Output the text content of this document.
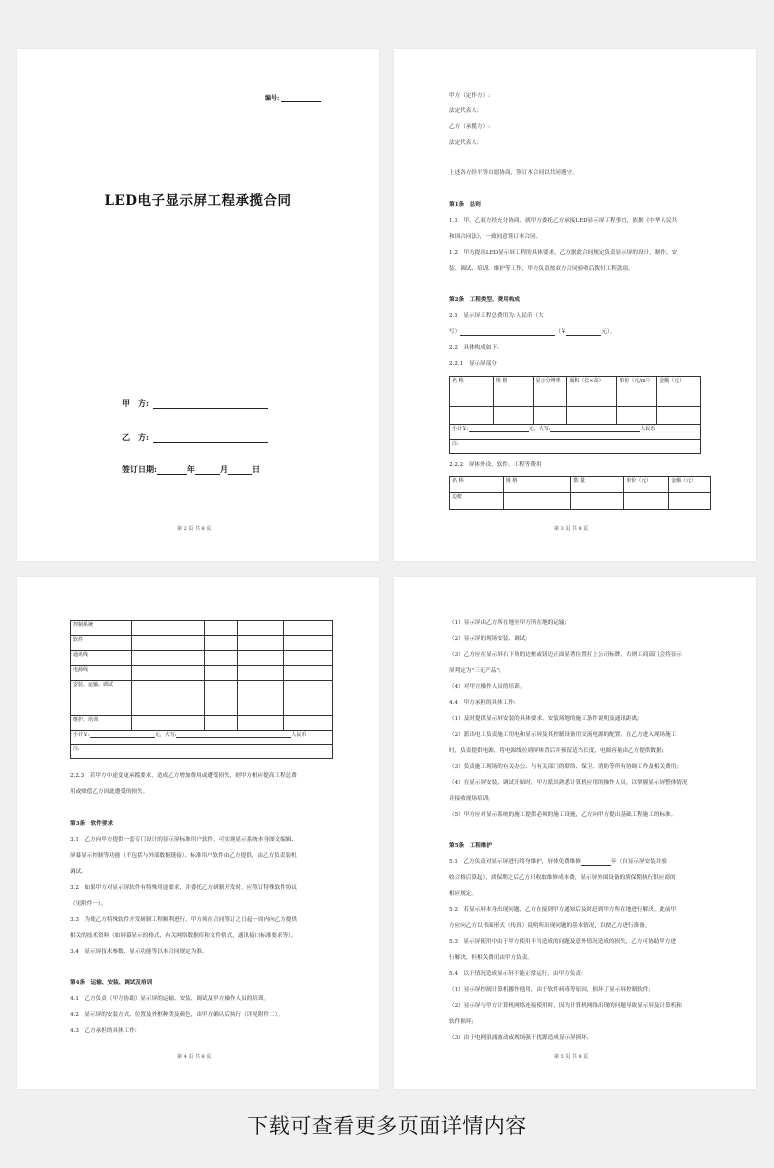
编号:
LED电子显示屏工程承揽合同
甲　方:
乙　方:
签订日期:	年	月	日
第 2 页 共 8 页
甲方（定作方）:
法定代表人:
乙方（承揽方）:
法定代表人:
上述各方经平等自愿协商，签订本合同以共同遵守。
第1条　总则
1.1　甲、乙双方经充分协商，就甲方委托乙方承接LED显示屏工程事宜，依据《中华人民共
和国合同法》，一致同意签订本合同。
1.2　甲方提出LED显示屏工程的具体要求，乙方据此合同规定负责显示屏的设计、制作、安
装、调试、培训、维护等工作，甲方负责按双方合同验收后拨付工程款项。
第2条　工程类型、费用构成
2.1　显示屏工程总费用为:人民币（大
写）	（￥	元）。
2.2　具体构成如下:
2.2.1　显示屏部分
名 称	规 格	显示分辨率	面积（长×高）	单价（元/m²）	金额（元）

小计￥: 元，大写: 人民币					
注:					
2.2.2　屏体外设、软件、工程等费用
名 称	规 格	数 量	单价（元）	金额（元）
边框				
第 3 页 共 8 页
控制系统				
软件				
通讯线				
电源线				
安装、运输、调试				
维护、培训				
小计￥: 元，大写: 人民币				
注:				
2.2.3　若甲方中途变更承揽要求，造成乙方增加费用或遭受损失，则甲方相应提高工程总费
用或赔偿乙方因此遭受的损失。
第3条　软件要求
3.1　乙方向甲方提供一套专门设计的显示屏标准用户软件，可实现显示系统本身图文编辑、
屏幕显示控制等功能（不包括与外部数据链接）。标准用户软件由乙方提供，由乙方负责装机
调试。
3.2　如果甲方对显示屏软件有特殊用途要求，并委托乙方研制开发时，应签订特殊软件协议
（见附件一）。
3.3　为使乙方特殊软件开发研制工程顺利进行，甲方须在合同签订之日起一周内向乙方提供
相关的技术资料（如屏幕显示的格式、有关网络数据库和文件格式，通讯接口标准要求等）。
3.4　显示屏技术参数、显示功能等以本合同规定为准。
第4条　运输、安装、调试及培训
4.1　乙方负责（甲方协助）显示屏的运输、安装、调试及甲方操作人员的培训。
4.2　显示屏的安装方式、位置及外框种类及颜色，由甲方确认后执行（详见附件二）。
4.3　乙方承担的具体工作:
第 4 页 共 8 页
（1）显示屏由乙方所在地至甲方所在地的运输;
（2）显示屏的现场安装、调试;
（3）乙方应在显示屏右下角的边框或钮边正面显著位置打上公司标牌，否则工商部门会将显示
屏判定为"三无产品";
（4）对甲方操作人员的培训。
4.4　甲方承担的具体工作:
（1）及时提供显示屏安装的具体要求、安装场地的施工条件说明及通讯距离;
（2）派出电工负责施工用电和显示屏及其控制设备用交流电源的配置，在乙方进入现场施工
时，负责提供电源，将电源线拉到屏体背后并预留适当长度，电源容量由乙方提供数据;
（3）负责施工现场的有关办公、与有关部门的联络、保卫、消防等所有协调工作及相关费用;
（4）在显示屏安装、调试开始时，甲方派出熟悉计算机应用的操作人员，以掌握显示屏整体情况
并接收现场培训;
（5）甲方应对显示系统的施工提供必须的施工设施，乙方向甲方提出基础工程施工的标准。
第5条　工程维护
5.1　乙方负责对显示屏进行终身维护，屏体免费维修	年（自显示屏安装并验
收合格后算起），质保期之后乙方只收取维修成本费，显示屏外围设备的质保期执行供应商的
相应规定。
5.2　若显示屏本身出现问题，乙方在接到甲方通知后及时赶到甲方所在地进行解决。此前甲
方应向乙方以书面形式（传真）说明所出现问题的基本情况，以便乙方进行准备。
5.3　显示屏使用中由于甲方使用不当造成的问题及意外情况造成的损失，乙方可协助甲方进
行解决，但相关费用由甲方负责。
5.4　以下情况造成显示屏不能正常运行，由甲方负责:
（1）显示屏控制计算机挪作他用，由于软件病毒等原因，损坏了显示屏控制软件;
（2）显示屏与甲方计算机网络连接使用时，因为计算机网络出现的问题导致显示屏及计算机和
软件损坏;
（3）由于电网浪涌波动或现场强干扰源造成显示屏损坏。
第 5 页 共 8 页
下载可查看更多页面详情内容
